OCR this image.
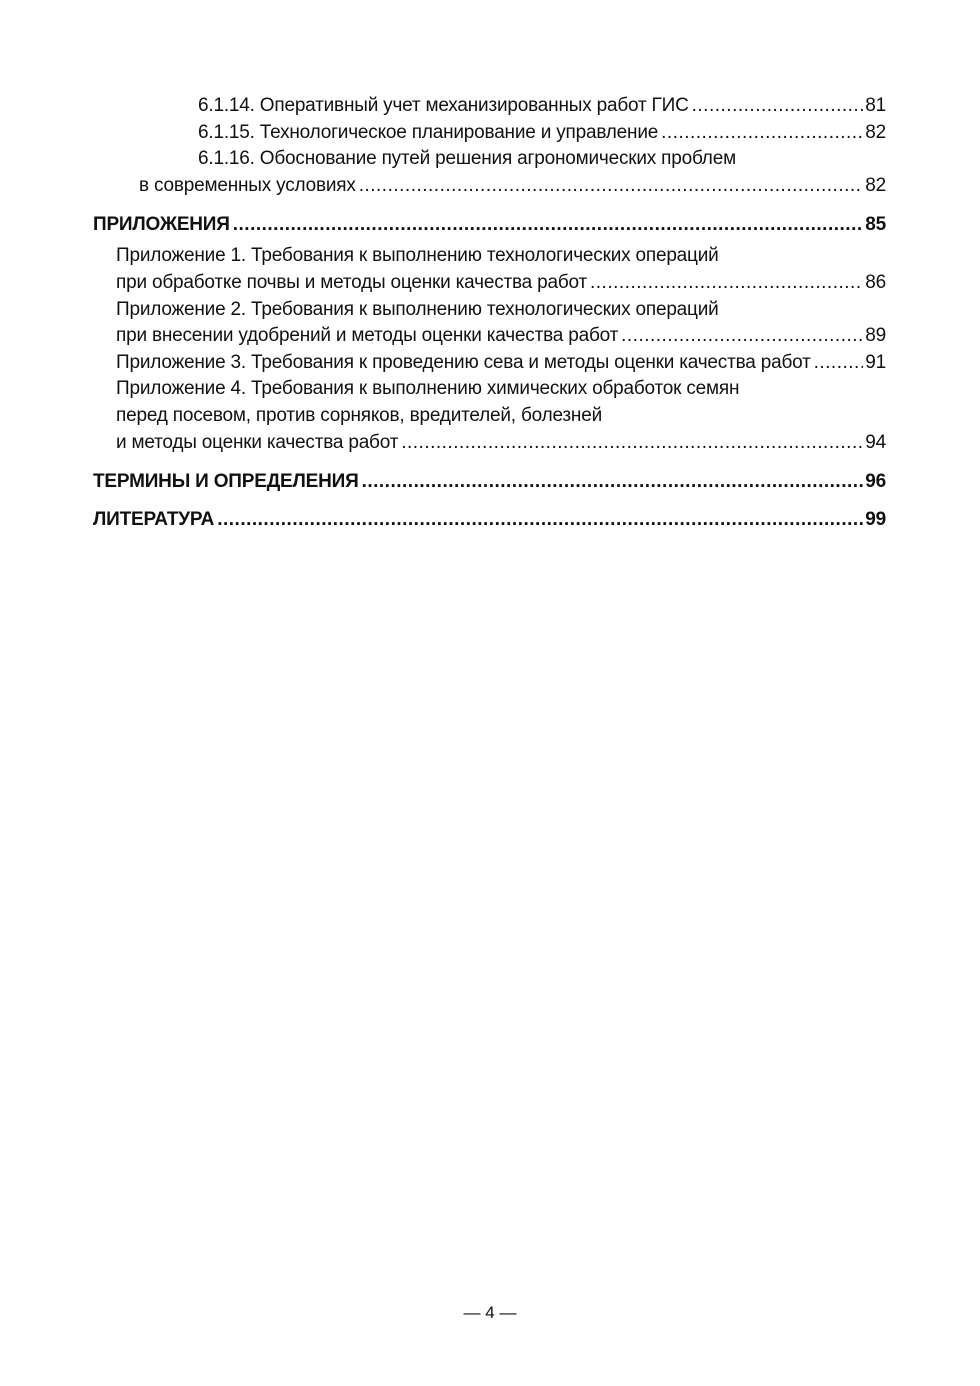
6.1.14. Оперативный учет механизированных работ ГИС .....	81
6.1.15. Технологическое планирование и управление .....	82
6.1.16. Обоснование путей решения агрономических проблем
в современных условиях .....	82
ПРИЛОЖЕНИЯ .....	85
Приложение 1. Требования к выполнению технологических операций
при обработке почвы и методы оценки качества работ .....	86
Приложение 2. Требования к выполнению технологических операций
при внесении удобрений и методы оценки качества работ .....	89
Приложение 3. Требования к проведению сева и методы оценки качества работ .....	91
Приложение 4. Требования к выполнению химических обработок семян
перед посевом, против сорняков, вредителей, болезней
и методы оценки качества работ .....	94
ТЕРМИНЫ И ОПРЕДЕЛЕНИЯ .....	96
ЛИТЕРАТУРА .....	99
— 4 —
